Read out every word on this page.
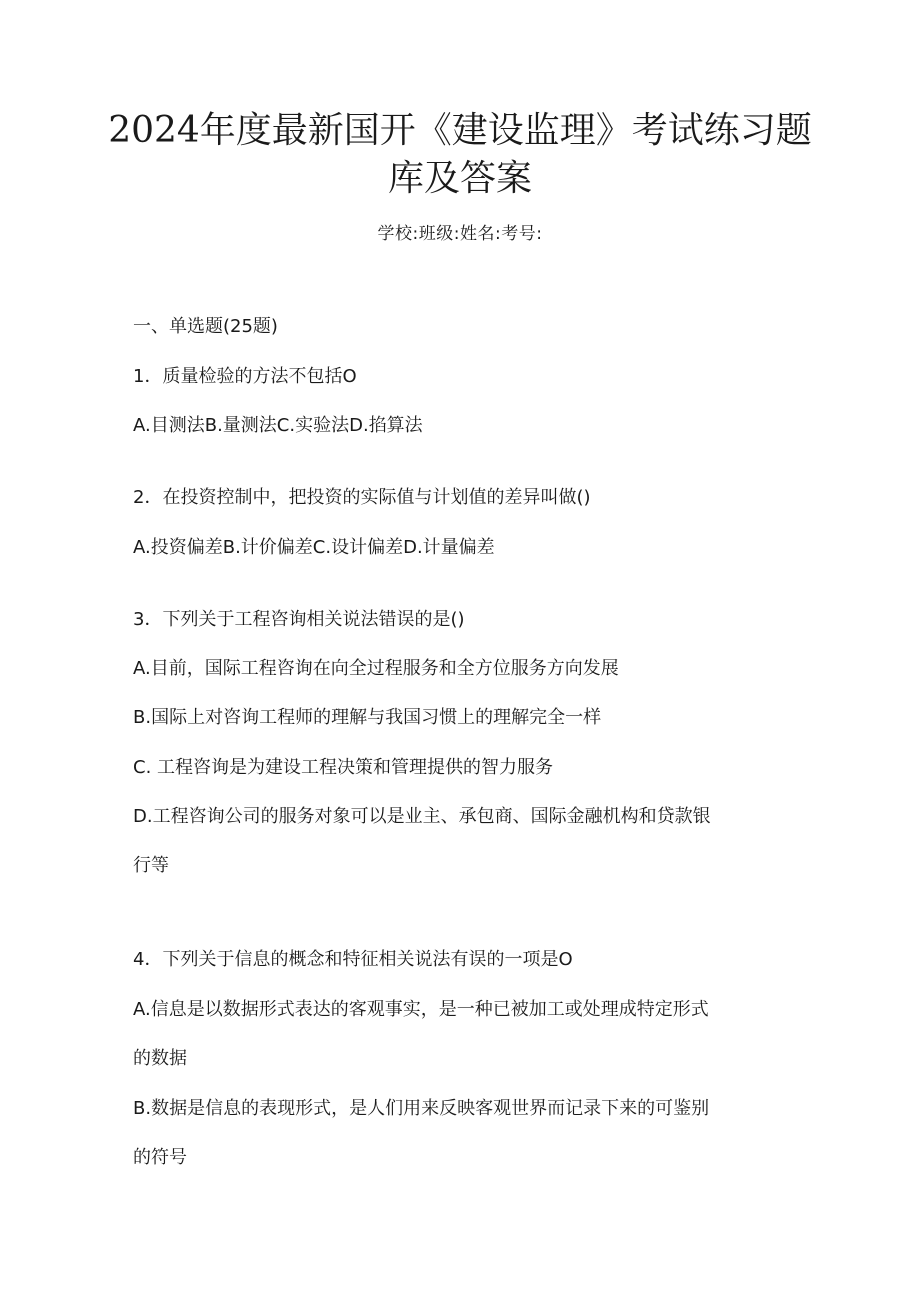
2024年度最新国开《建设监理》考试练习题
库及答案
学校:班级:姓名:考号:
一、单选题(25题)
1．质量检验的方法不包括O
A.目测法B.量测法C.实验法D.掐算法
2．在投资控制中，把投资的实际值与计划值的差异叫做()
A.投资偏差B.计价偏差C.设计偏差D.计量偏差
3．下列关于工程咨询相关说法错误的是()
A.目前，国际工程咨询在向全过程服务和全方位服务方向发展
B.国际上对咨询工程师的理解与我国习惯上的理解完全一样
C. 工程咨询是为建设工程决策和管理提供的智力服务
D.工程咨询公司的服务对象可以是业主、承包商、国际金融机构和贷款银
行等
4．下列关于信息的概念和特征相关说法有误的一项是O
A.信息是以数据形式表达的客观事实，是一种已被加工或处理成特定形式
的数据
B.数据是信息的表现形式，是人们用来反映客观世界而记录下来的可鉴别
的符号
